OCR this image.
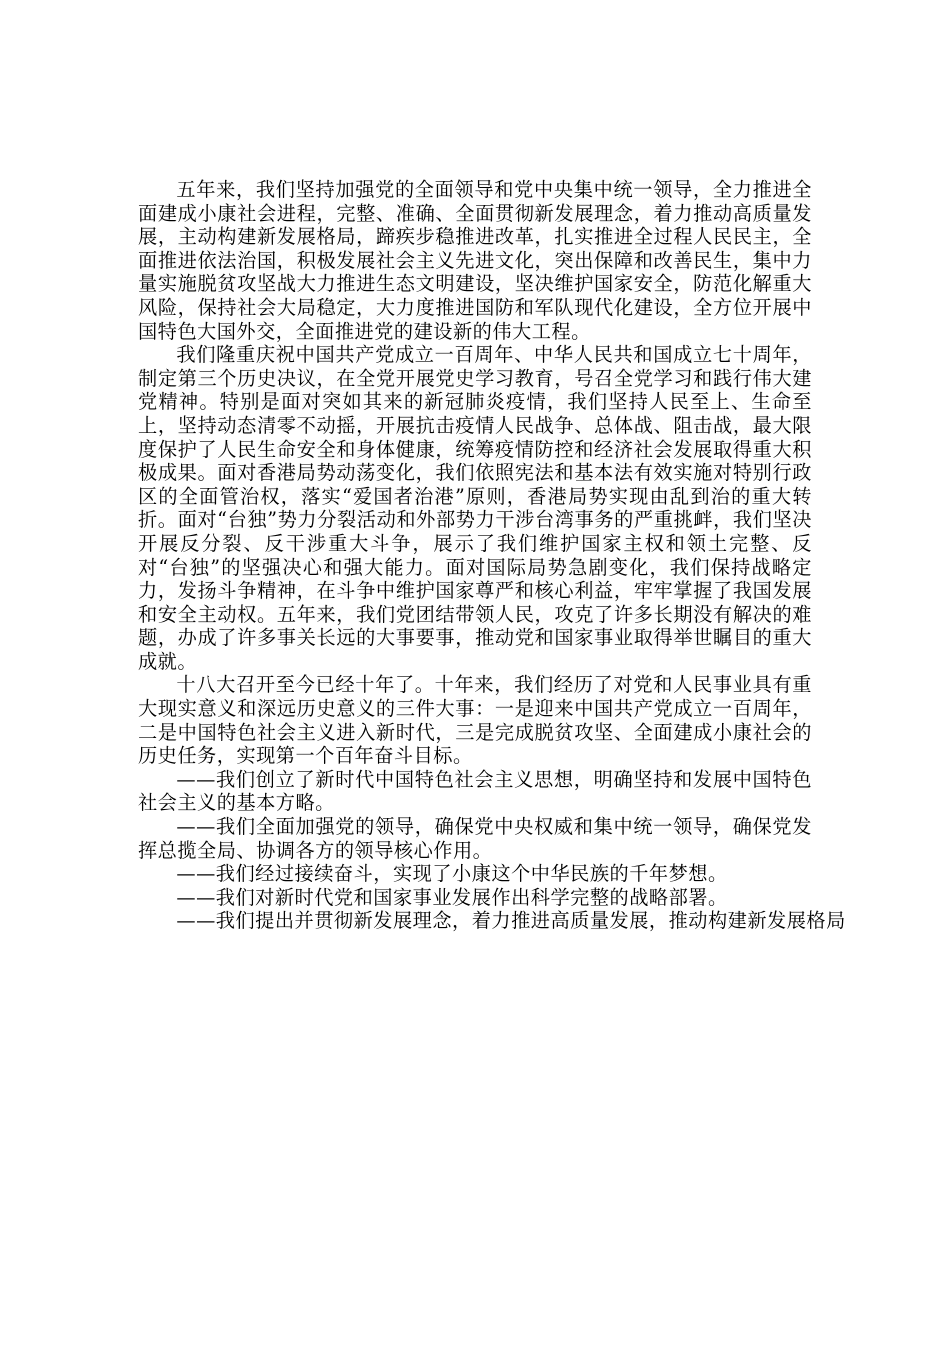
五年来，我们坚持加强党的全面领导和党中央集中统一领导，全力推进全面建成小康社会进程，完整、准确、全面贯彻新发展理念，着力推动高质量发展，主动构建新发展格局，蹄疾步稳推进改革，扎实推进全过程人民民主，全面推进依法治国，积极发展社会主义先进文化，突出保障和改善民生，集中力量实施脱贫攻坚战大力推进生态文明建设，坚决维护国家安全，防范化解重大风险，保持社会大局稳定，大力度推进国防和军队现代化建设，全方位开展中国特色大国外交，全面推进党的建设新的伟大工程。

我们隆重庆祝中国共产党成立一百周年、中华人民共和国成立七十周年，制定第三个历史决议，在全党开展党史学习教育，号召全党学习和践行伟大建党精神。特别是面对突如其来的新冠肺炎疫情，我们坚持人民至上、生命至上，坚持动态清零不动摇，开展抗击疫情人民战争、总体战、阻击战，最大限度保护了人民生命安全和身体健康，统筹疫情防控和经济社会发展取得重大积极成果。面对香港局势动荡变化，我们依照宪法和基本法有效实施对特别行政区的全面管治权，落实“爱国者治港”原则，香港局势实现由乱到治的重大转折。面对“台独”势力分裂活动和外部势力干涉台湾事务的严重挑衅，我们坚决开展反分裂、反干涉重大斗争，展示了我们维护国家主权和领土完整、反对“台独”的坚强决心和强大能力。面对国际局势急剧变化，我们保持战略定力，发扬斗争精神，在斗争中维护国家尊严和核心利益，牢牢掌握了我国发展和安全主动权。五年来，我们党团结带领人民，攻克了许多长期没有解决的难题，办成了许多事关长远的大事要事，推动党和国家事业取得举世瞩目的重大成就。

十八大召开至今已经十年了。十年来，我们经历了对党和人民事业具有重大现实意义和深远历史意义的三件大事：一是迎来中国共产党成立一百周年，二是中国特色社会主义进入新时代，三是完成脱贫攻坚、全面建成小康社会的历史任务，实现第一个百年奋斗目标。

——我们创立了新时代中国特色社会主义思想，明确坚持和发展中国特色社会主义的基本方略。

——我们全面加强党的领导，确保党中央权威和集中统一领导，确保党发挥总揽全局、协调各方的领导核心作用。

——我们经过接续奋斗，实现了小康这个中华民族的千年梦想。

——我们对新时代党和国家事业发展作出科学完整的战略部署。

——我们提出并贯彻新发展理念，着力推进高质量发展，推动构建新发展格局
